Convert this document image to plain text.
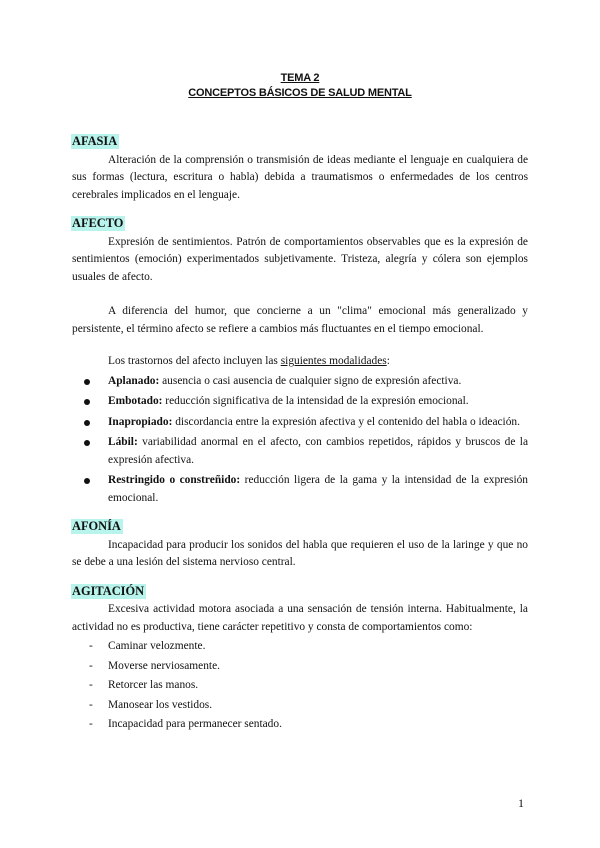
TEMA 2
CONCEPTOS BÁSICOS DE SALUD MENTAL
AFASIA

Alteración de la comprensión o transmisión de ideas mediante el lenguaje en cualquiera de sus formas (lectura, escritura o habla) debida a traumatismos o enfermedades de los centros cerebrales implicados en el lenguaje.

AFECTO

Expresión de sentimientos. Patrón de comportamientos observables que es la expresión de sentimientos (emoción) experimentados subjetivamente. Tristeza, alegría y cólera son ejemplos usuales de afecto.

A diferencia del humor, que concierne a un "clima" emocional más generalizado y persistente, el término afecto se refiere a cambios más fluctuantes en el tiempo emocional.

Los trastornos del afecto incluyen las siguientes modalidades:
Aplanado: ausencia o casi ausencia de cualquier signo de expresión afectiva.
Embotado: reducción significativa de la intensidad de la expresión emocional.
Inapropiado: discordancia entre la expresión afectiva y el contenido del habla o ideación.
Lábil: variabilidad anormal en el afecto, con cambios repetidos, rápidos y bruscos de la expresión afectiva.
Restringido o constreñido: reducción ligera de la gama y la intensidad de la expresión emocional.
AFONÍA

Incapacidad para producir los sonidos del habla que requieren el uso de la laringe y que no se debe a una lesión del sistema nervioso central.

AGITACIÓN

Excesiva actividad motora asociada a una sensación de tensión interna. Habitualmente, la actividad no es productiva, tiene carácter repetitivo y consta de comportamientos como:

- Caminar velozmente.
- Moverse nerviosamente.
- Retorcer las manos.
- Manosear los vestidos.
- Incapacidad para permanecer sentado.
1
